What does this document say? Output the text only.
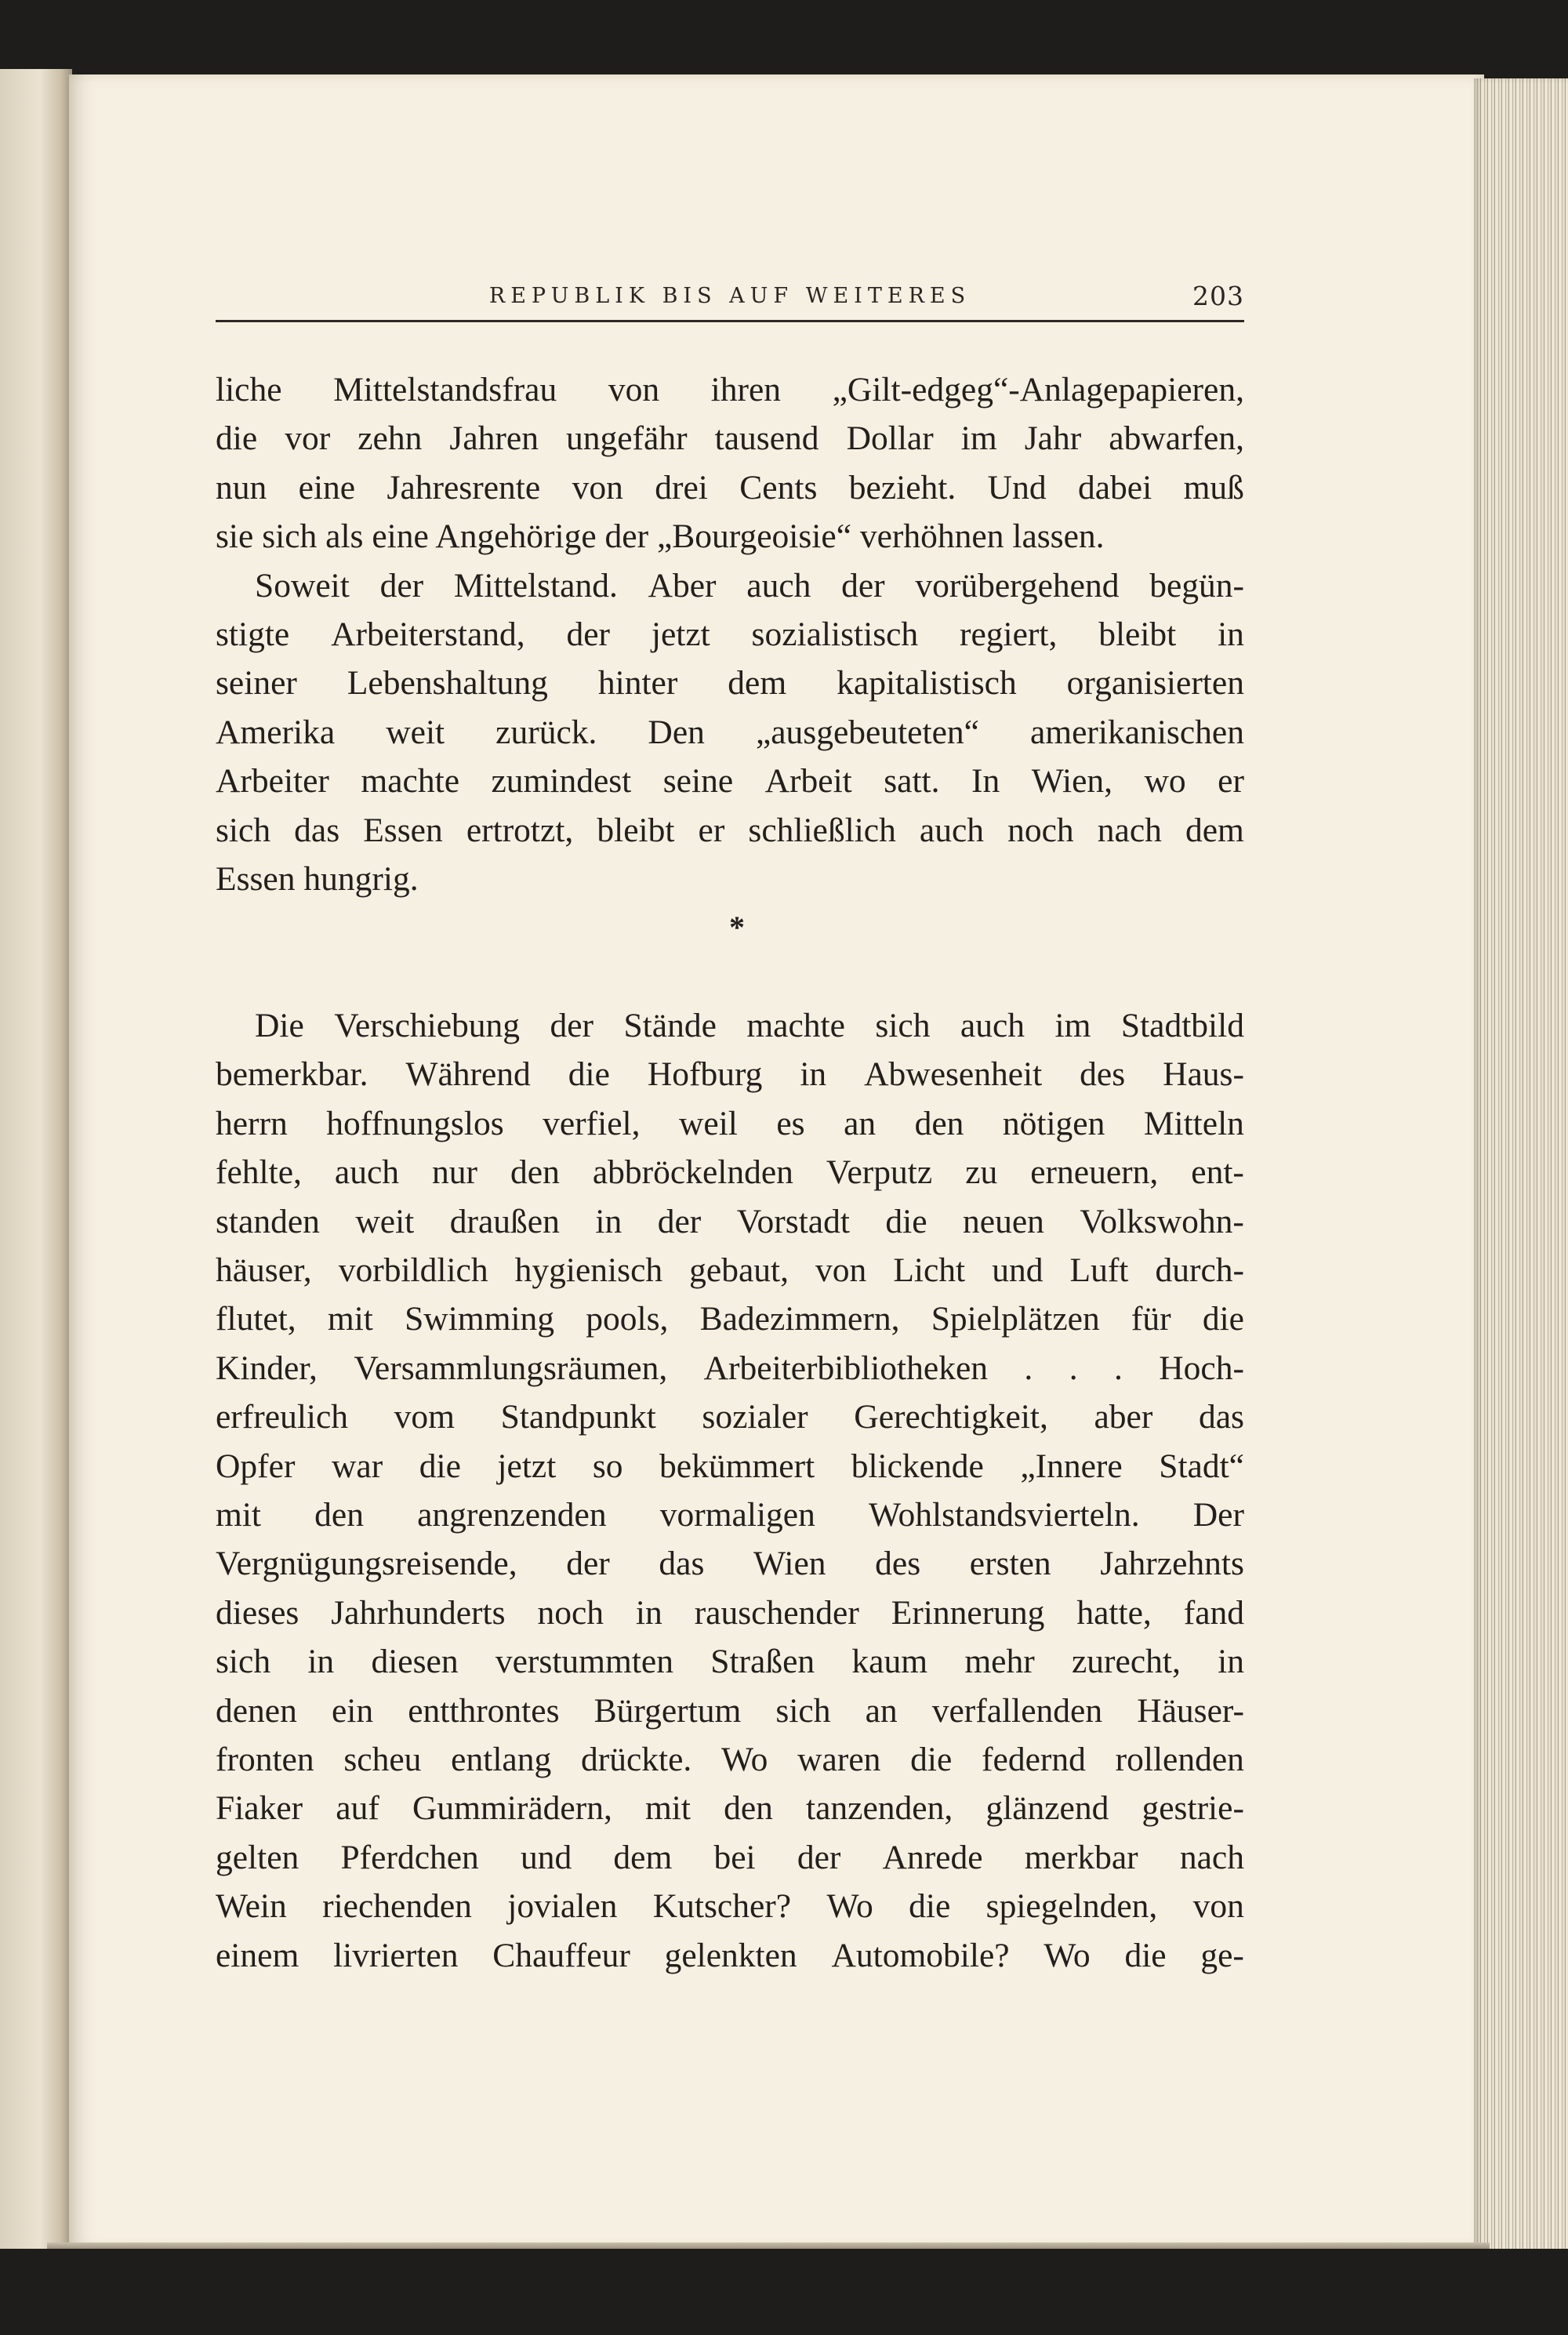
REPUBLIK BIS AUF WEITERES	203
liche Mittelstandsfrau von ihren „Gilt-edgeg“-Anlagepapieren,
die vor zehn Jahren ungefähr tausend Dollar im Jahr abwarfen,
nun eine Jahresrente von drei Cents bezieht. Und dabei muß
sie sich als eine Angehörige der „Bourgeoisie“ verhöhnen lassen.
Soweit der Mittelstand. Aber auch der vorübergehend begün-
stigte Arbeiterstand, der jetzt sozialistisch regiert, bleibt in
seiner Lebenshaltung hinter dem kapitalistisch organisierten
Amerika weit zurück. Den „ausgebeuteten“ amerikanischen
Arbeiter machte zumindest seine Arbeit satt. In Wien, wo er
sich das Essen ertrotzt, bleibt er schließlich auch noch nach dem
Essen hungrig.
*
Die Verschiebung der Stände machte sich auch im Stadtbild
bemerkbar. Während die Hofburg in Abwesenheit des Haus-
herrn hoffnungslos verfiel, weil es an den nötigen Mitteln
fehlte, auch nur den abbröckelnden Verputz zu erneuern, ent-
standen weit draußen in der Vorstadt die neuen Volkswohn-
häuser, vorbildlich hygienisch gebaut, von Licht und Luft durch-
flutet, mit Swimming pools, Badezimmern, Spielplätzen für die
Kinder, Versammlungsräumen, Arbeiterbibliotheken . . . Hoch-
erfreulich vom Standpunkt sozialer Gerechtigkeit, aber das
Opfer war die jetzt so bekümmert blickende „Innere Stadt“
mit den angrenzenden vormaligen Wohlstandsvierteln. Der
Vergnügungsreisende, der das Wien des ersten Jahrzehnts
dieses Jahrhunderts noch in rauschender Erinnerung hatte, fand
sich in diesen verstummten Straßen kaum mehr zurecht, in
denen ein entthrontes Bürgertum sich an verfallenden Häuser-
fronten scheu entlang drückte. Wo waren die federnd rollenden
Fiaker auf Gummirädern, mit den tanzenden, glänzend gestrie-
gelten Pferdchen und dem bei der Anrede merkbar nach
Wein riechenden jovialen Kutscher? Wo die spiegelnden, von
einem livrierten Chauffeur gelenkten Automobile? Wo die ge-
